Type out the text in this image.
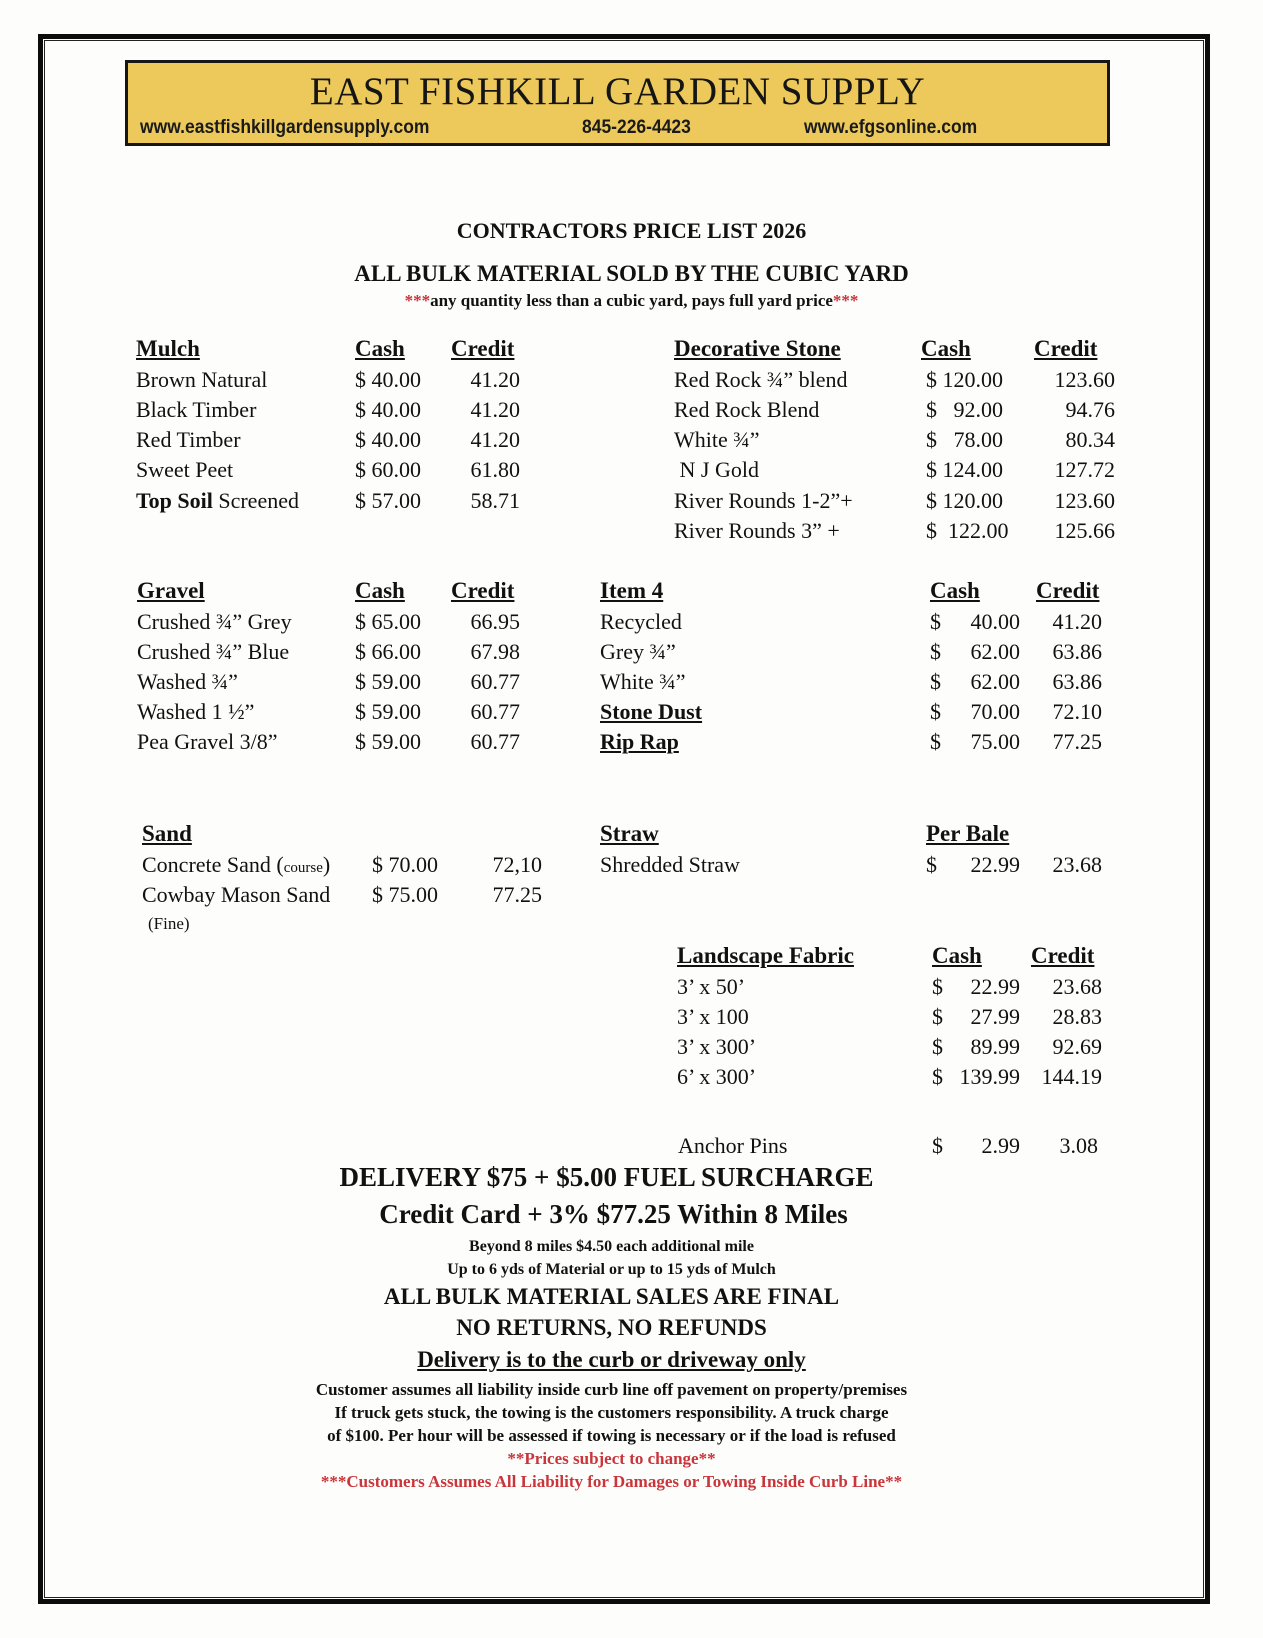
EAST FISHKILL GARDEN SUPPLY
www.eastfishkillgardensupply.com	845-226-4423	www.efgsonline.com
CONTRACTORS PRICE LIST 2026
ALL BULK MATERIAL SOLD BY THE CUBIC YARD
***any quantity less than a cubic yard, pays full yard price***
Mulch	Cash Credit
Brown Natural	$ 40.00	41.20
Black Timber	$ 40.00	41.20
Red Timber	$ 40.00	41.20
Sweet Peet	$ 60.00	61.80
Top Soil Screened	$ 57.00	58.71
Decorative Stone	Cash	Credit
Red Rock ¾” blend	$ 120.00	123.60
Red Rock Blend	$   92.00	94.76
White ¾”	$   78.00	80.34
N J Gold	$ 124.00	127.72
River Rounds 1-2”+	$ 120.00	123.60
River Rounds 3” +	$  122.00	125.66
Gravel	Cash Credit
Crushed ¾” Grey	$ 65.00	66.95
Crushed ¾” Blue	$ 66.00	67.98
Washed ¾”	$ 59.00	60.77
Washed 1 ½”	$ 59.00	60.77
Pea Gravel 3/8”	$ 59.00	60.77
Item 4	Cash Credit
Recycled	$	40.00	41.20
Grey ¾”	$	62.00	63.86
White ¾”	$	62.00	63.86
Stone Dust	$	70.00	72.10
Rip Rap	$	75.00	77.25
Sand
Concrete Sand (course) $ 70.00	72,10
Cowbay Mason Sand $ 75.00	77.25
(Fine)
Straw	Per Bale
Shredded Straw	$	22.99	23.68
Landscape Fabric	Cash Credit
3’ x 50’	$	22.99	23.68
3’ x 100	$	27.99	28.83
3’ x 300’	$	89.99	92.69
6’ x 300’	$ 139.99 144.19
Anchor Pins	$	2.99	3.08
DELIVERY $75 + $5.00 FUEL SURCHARGE
Credit Card + 3% $77.25 Within 8 Miles
Beyond 8 miles $4.50 each additional mile
Up to 6 yds of Material or up to 15 yds of Mulch
ALL BULK MATERIAL SALES ARE FINAL
NO RETURNS, NO REFUNDS
Delivery is to the curb or driveway only
Customer assumes all liability inside curb line off pavement on property/premises
If truck gets stuck, the towing is the customers responsibility. A truck charge
of $100. Per hour will be assessed if towing is necessary or if the load is refused
**Prices subject to change**
***Customers Assumes All Liability for Damages or Towing Inside Curb Line**
